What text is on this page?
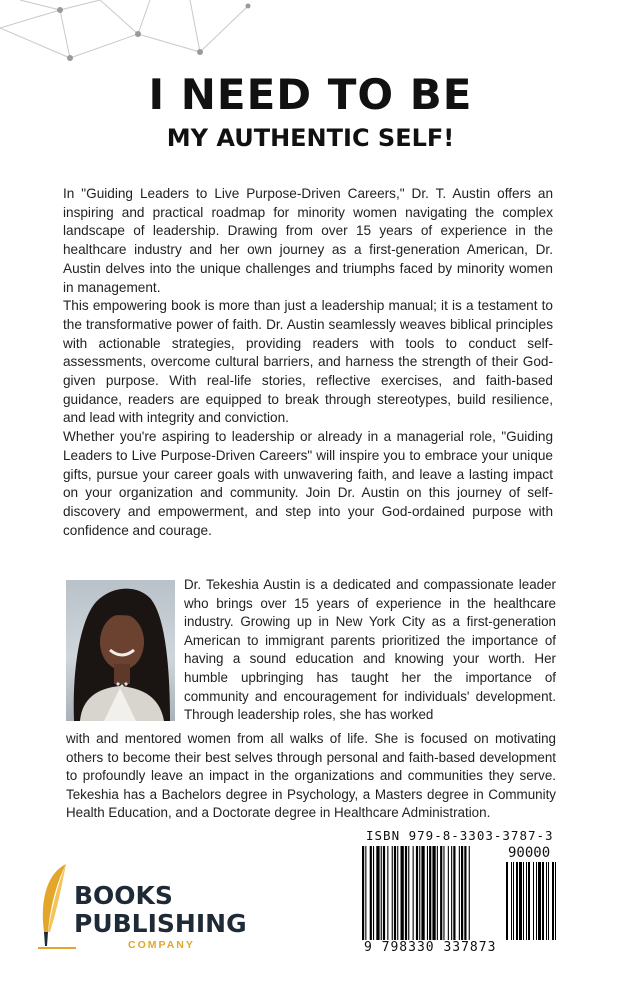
I NEED TO BE
MY AUTHENTIC SELF!

In "Guiding Leaders to Live Purpose-Driven Careers," Dr. T. Austin offers an inspiring and practical roadmap for minority women navigating the complex landscape of leadership. Drawing from over 15 years of experience in the healthcare industry and her own journey as a first-generation American, Dr. Austin delves into the unique challenges and triumphs faced by minority women in management.

This empowering book is more than just a leadership manual; it is a testament to the transformative power of faith. Dr. Austin seamlessly weaves biblical principles with actionable strategies, providing readers with tools to conduct self-assessments, overcome cultural barriers, and harness the strength of their God-given purpose. With real-life stories, reflective exercises, and faith-based guidance, readers are equipped to break through stereotypes, build resilience, and lead with integrity and conviction.

Whether you're aspiring to leadership or already in a managerial role, "Guiding Leaders to Live Purpose-Driven Careers" will inspire you to embrace your unique gifts, pursue your career goals with unwavering faith, and leave a lasting impact on your organization and community. Join Dr. Austin on this journey of self-discovery and empowerment, and step into your God-ordained purpose with confidence and courage.

Dr. Tekeshia Austin is a dedicated and compassionate leader who brings over 15 years of experience in the healthcare industry. Growing up in New York City as a first-generation American to immigrant parents prioritized the importance of having a sound education and knowing your worth. Her humble upbringing has taught her the importance of community and encouragement for individuals' development. Through leadership roles, she has worked

with and mentored women from all walks of life. She is focused on motivating others to become their best selves through personal and faith-based development to profoundly leave an impact in the organizations and communities they serve. Tekeshia has a Bachelors degree in Psychology, a Masters degree in Community Health Education, and a Doctorate degree in Healthcare Administration.

BOOKS
PUBLISHING
COMPANY
ISBN 979-8-3303-3787-3
90000
9 798330 337873
